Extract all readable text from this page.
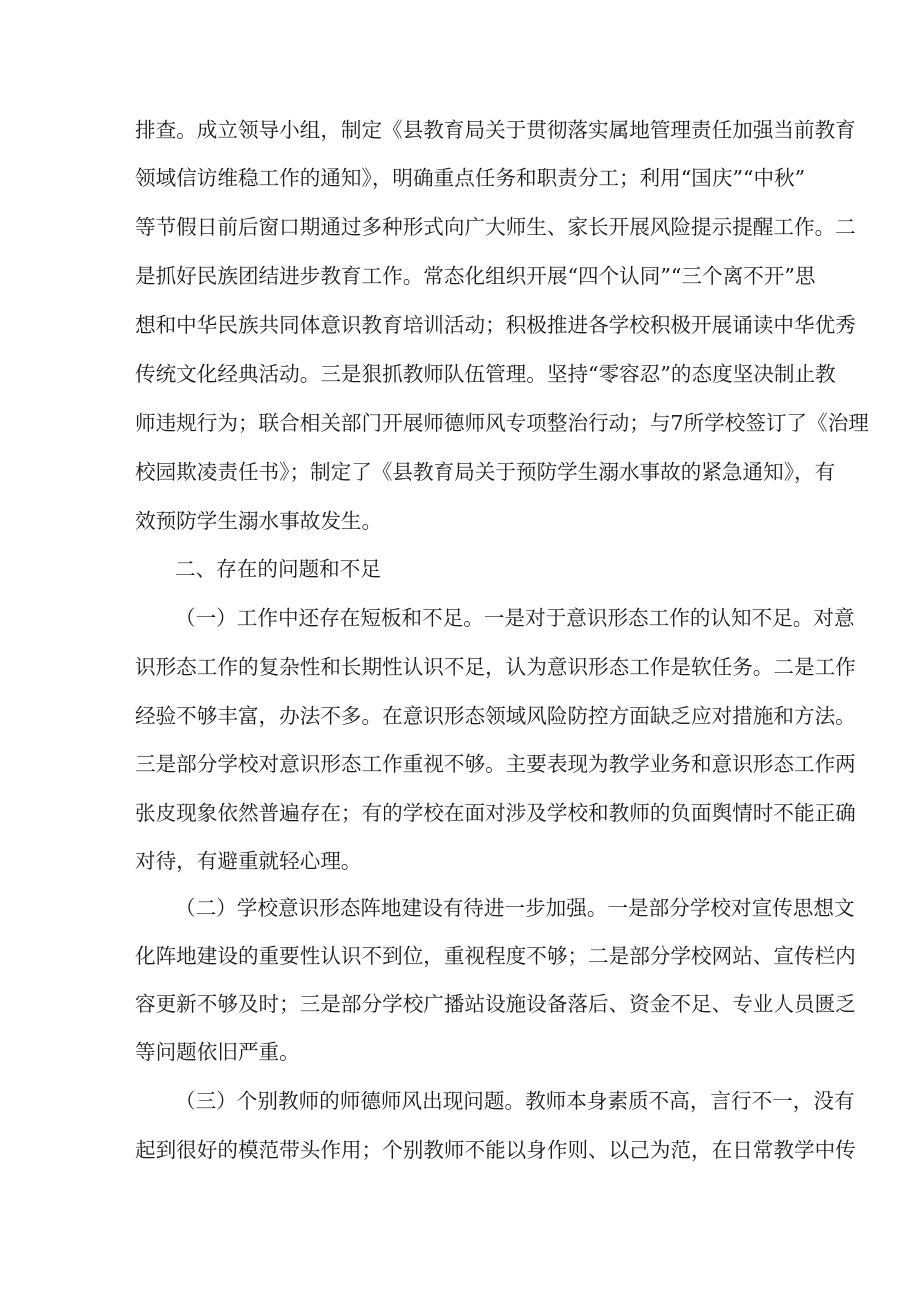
排查。成立领导小组，制定《县教育局关于贯彻落实属地管理责任加强当前教育
领域信访维稳工作的通知》，明确重点任务和职责分工；利用“国庆”“中秋”
等节假日前后窗口期通过多种形式向广大师生、家长开展风险提示提醒工作。二
是抓好民族团结进步教育工作。常态化组织开展“四个认同”“三个离不开”思
想和中华民族共同体意识教育培训活动；积极推进各学校积极开展诵读中华优秀
传统文化经典活动。三是狠抓教师队伍管理。坚持“零容忍”的态度坚决制止教
师违规行为；联合相关部门开展师德师风专项整治行动；与7所学校签订了《治理
校园欺凌责任书》；制定了《县教育局关于预防学生溺水事故的紧急通知》，有
效预防学生溺水事故发生。
二、存在的问题和不足
（一）工作中还存在短板和不足。一是对于意识形态工作的认知不足。对意
识形态工作的复杂性和长期性认识不足，认为意识形态工作是软任务。二是工作
经验不够丰富，办法不多。在意识形态领域风险防控方面缺乏应对措施和方法。
三是部分学校对意识形态工作重视不够。主要表现为教学业务和意识形态工作两
张皮现象依然普遍存在；有的学校在面对涉及学校和教师的负面舆情时不能正确
对待，有避重就轻心理。
（二）学校意识形态阵地建设有待进一步加强。一是部分学校对宣传思想文
化阵地建设的重要性认识不到位，重视程度不够；二是部分学校网站、宣传栏内
容更新不够及时；三是部分学校广播站设施设备落后、资金不足、专业人员匮乏
等问题依旧严重。
（三）个别教师的师德师风出现问题。教师本身素质不高，言行不一，没有
起到很好的模范带头作用；个别教师不能以身作则、以己为范，在日常教学中传
